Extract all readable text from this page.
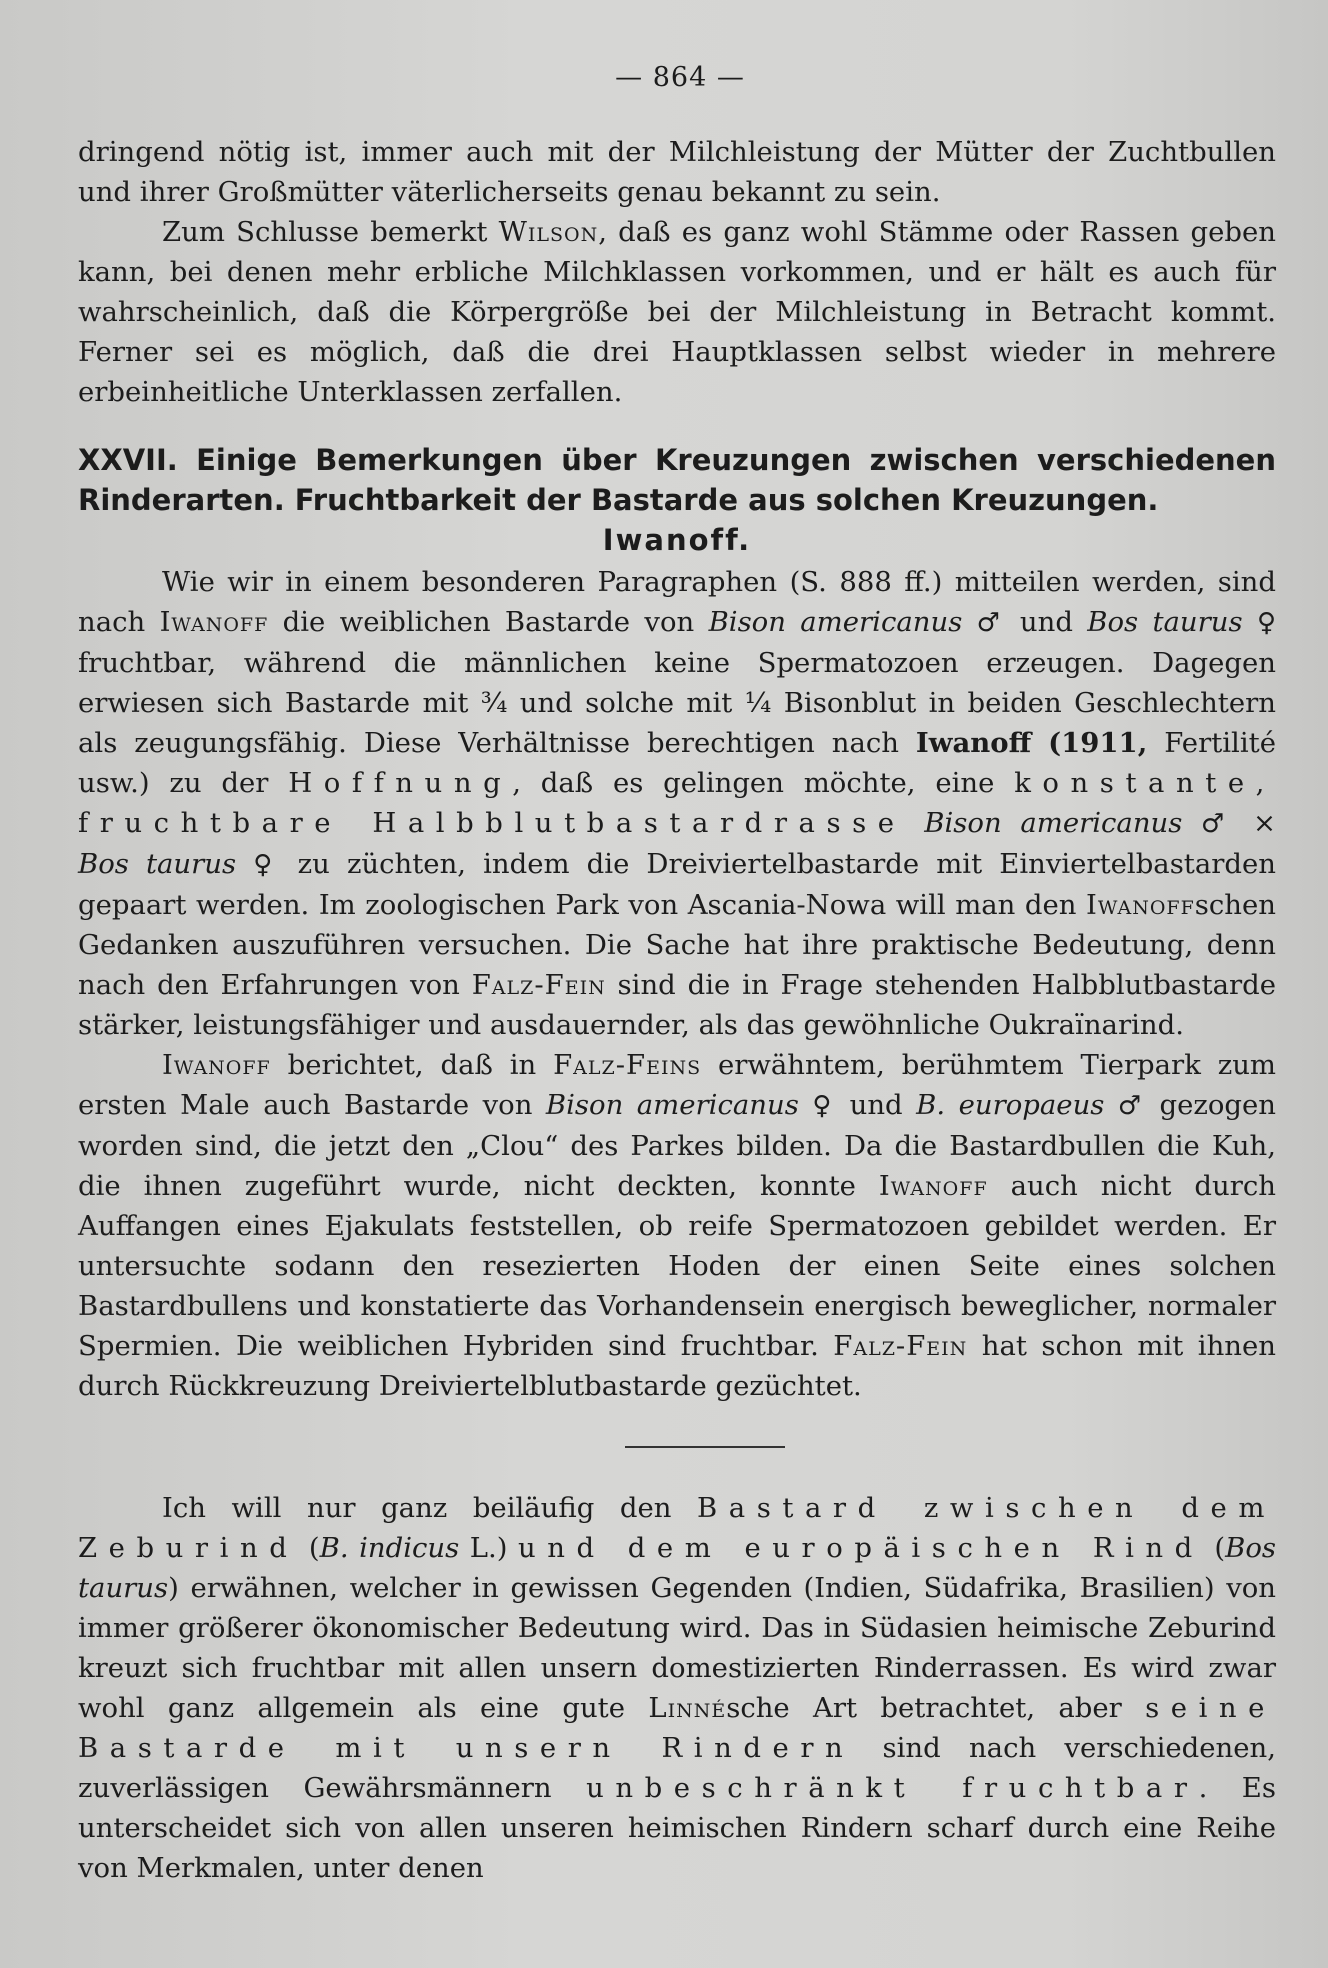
— 864 —

dringend nötig ist, immer auch mit der Milchleistung der Mütter der Zuchtbullen und ihrer Großmütter väterlicherseits genau bekannt zu sein.

Zum Schlusse bemerkt Wilson, daß es ganz wohl Stämme oder Rassen geben kann, bei denen mehr erbliche Milchklassen vorkommen, und er hält es auch für wahrscheinlich, daß die Körpergröße bei der Milchleistung in Betracht kommt. Ferner sei es möglich, daß die drei Hauptklassen selbst wieder in mehrere erbeinheitliche Unterklassen zerfallen.

XXVII. Einige Bemerkungen über Kreuzungen zwischen verschiedenen Rinderarten. Fruchtbarkeit der Bastarde aus solchen Kreuzungen.
Iwanoff.

Wie wir in einem besonderen Paragraphen (S. 888 ff.) mitteilen werden, sind nach Iwanoff die weiblichen Bastarde von Bison americanus ♂ und Bos taurus ♀ fruchtbar, während die männlichen keine Spermatozoen erzeugen. Dagegen erwiesen sich Bastarde mit ³⁄₄ und solche mit ¹⁄₄ Bisonblut in beiden Geschlechtern als zeugungsfähig. Diese Verhältnisse berechtigen nach Iwanoff (1911, Fertilité usw.) zu der Hoffnung, daß es gelingen möchte, eine konstante, fruchtbare Halbblutbastardrasse Bison americanus ♂ × Bos taurus ♀ zu züchten, indem die Dreiviertelbastarde mit Einviertelbastarden gepaart werden. Im zoologischen Park von Ascania-Nowa will man den Iwanoffschen Gedanken auszuführen versuchen. Die Sache hat ihre praktische Bedeutung, denn nach den Erfahrungen von Falz-Fein sind die in Frage stehenden Halbblutbastarde stärker, leistungsfähiger und ausdauernder, als das gewöhnliche Oukraïnarind.

Iwanoff berichtet, daß in Falz-Feins erwähntem, berühmtem Tierpark zum ersten Male auch Bastarde von Bison americanus ♀ und B. europaeus ♂ gezogen worden sind, die jetzt den „Clou“ des Parkes bilden. Da die Bastardbullen die Kuh, die ihnen zugeführt wurde, nicht deckten, konnte Iwanoff auch nicht durch Auffangen eines Ejakulats feststellen, ob reife Spermatozoen gebildet werden. Er untersuchte sodann den resezierten Hoden der einen Seite eines solchen Bastardbullens und konstatierte das Vorhandensein energisch beweglicher, normaler Spermien. Die weiblichen Hybriden sind fruchtbar. Falz-Fein hat schon mit ihnen durch Rückkreuzung Dreiviertelblutbastarde gezüchtet.

Ich will nur ganz beiläufig den Bastard zwischen dem Zeburind (B. indicus L.) und dem europäischen Rind (Bos taurus) erwähnen, welcher in gewissen Gegenden (Indien, Südafrika, Brasilien) von immer größerer ökonomischer Bedeutung wird. Das in Südasien heimische Zeburind kreuzt sich fruchtbar mit allen unsern domestizierten Rinderrassen. Es wird zwar wohl ganz allgemein als eine gute Linnésche Art betrachtet, aber seine Bastarde mit unsern Rindern sind nach verschiedenen, zuverlässigen Gewährsmännern unbeschränkt fruchtbar. Es unterscheidet sich von allen unseren heimischen Rindern scharf durch eine Reihe von Merkmalen, unter denen
